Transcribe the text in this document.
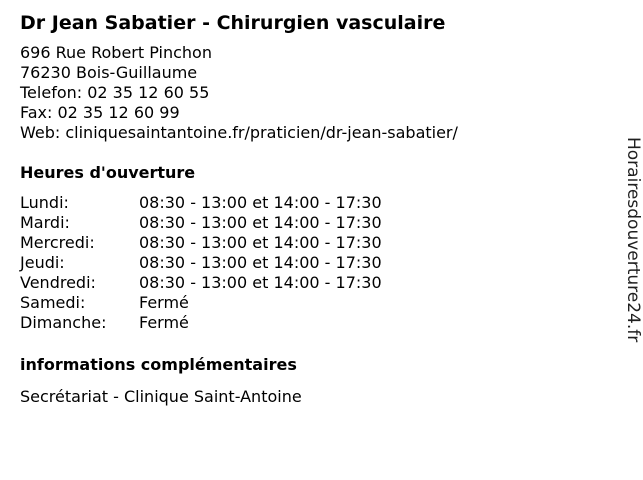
Dr Jean Sabatier - Chirurgien vasculaire
696 Rue Robert Pinchon
76230 Bois-Guillaume
Telefon: 02 35 12 60 55
Fax: 02 35 12 60 99
Web: cliniquesaintantoine.fr/praticien/dr-jean-sabatier/
Heures d'ouverture
Lundi:	08:30 - 13:00 et 14:00 - 17:30
Mardi:	08:30 - 13:00 et 14:00 - 17:30
Mercredi:	08:30 - 13:00 et 14:00 - 17:30
Jeudi:	08:30 - 13:00 et 14:00 - 17:30
Vendredi:	08:30 - 13:00 et 14:00 - 17:30
Samedi:	Fermé
Dimanche:	Fermé
informations complémentaires
Secrétariat - Clinique Saint-Antoine
Horairesdouverture24.fr
